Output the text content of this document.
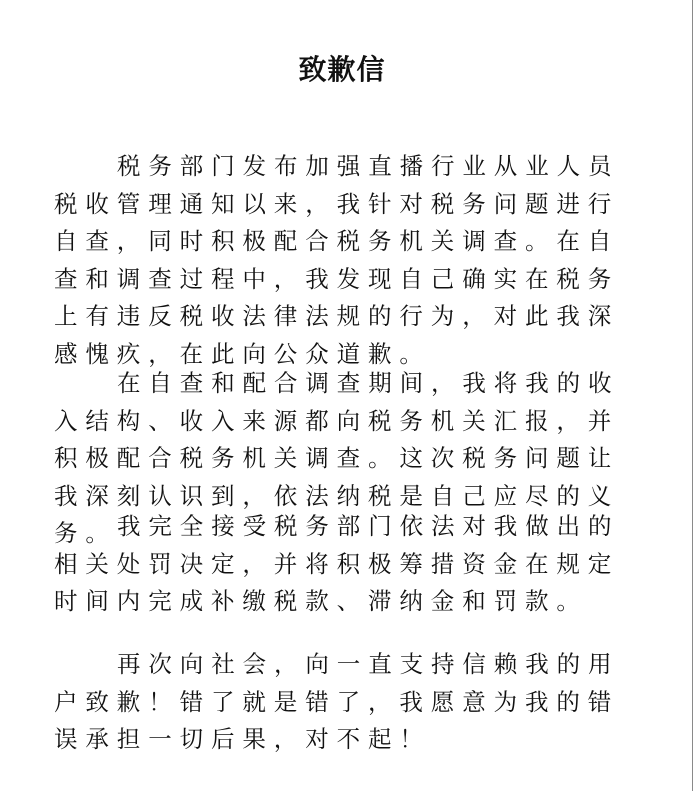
致歉信

税务部门发布加强直播行业从业人员税收管理通知以来，我针对税务问题进行自查，同时积极配合税务机关调查。在自查和调查过程中，我发现自己确实在税务上有违反税收法律法规的行为，对此我深感愧疚，在此向公众道歉。

在自查和配合调查期间，我将我的收入结构、收入来源都向税务机关汇报，并积极配合税务机关调查。这次税务问题让我深刻认识到，依法纳税是自己应尽的义务。 我完全接受税务部门依法对我做出的相关处罚决定，并将积极筹措资金在规定时间内完成补缴税款、滞纳金和罚款。

再次向社会，向一直支持信赖我的用户致歉！错了就是错了，我愿意为我的错误承担一切后果，对不起！
